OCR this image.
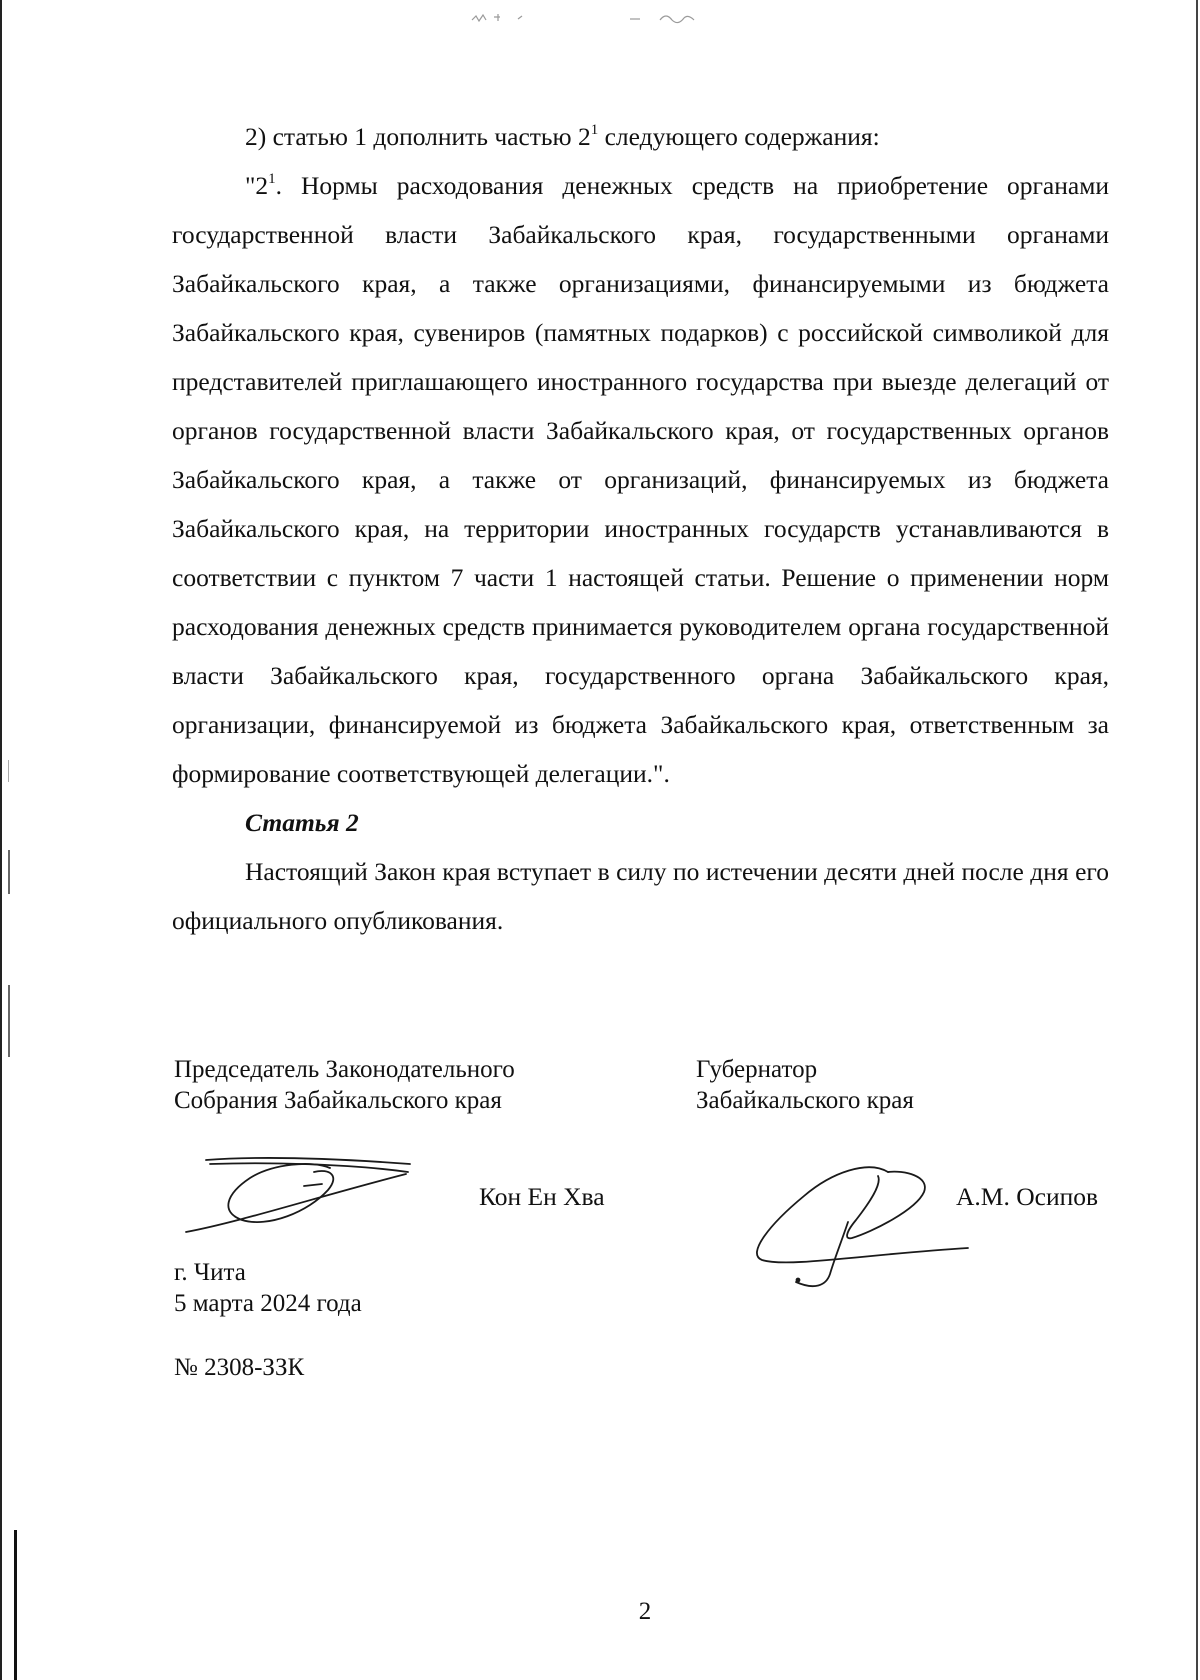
2) статью 1 дополнить частью $2^1$ следующего содержания:

"$2^1$. Нормы расходования денежных средств на приобретение органами государственной власти Забайкальского края, государственными органами Забайкальского края, а также организациями, финансируемыми из бюджета Забайкальского края, сувениров (памятных подарков) с российской символикой для представителей приглашающего иностранного государства при выезде делегаций от органов государственной власти Забайкальского края, от государственных органов Забайкальского края, а также от организаций, финансируемых из бюджета Забайкальского края, на территории иностранных государств устанавливаются в соответствии с пунктом 7 части 1 настоящей статьи. Решение о применении норм расходования денежных средств принимается руководителем органа государственной власти Забайкальского края, государственного органа Забайкальского края, организации, финансируемой из бюджета Забайкальского края, ответственным за формирование соответствующей делегации.".

Статья 2

Настоящий Закон края вступает в силу по истечении десяти дней после дня его официального опубликования.

Председатель Законодательного
Собрания Забайкальского края
Губернатор
Забайкальского края
Кон Ен Хва	А.М. Осипов
г. Чита
5 марта 2024 года
№ 2308-ЗЗК
2
